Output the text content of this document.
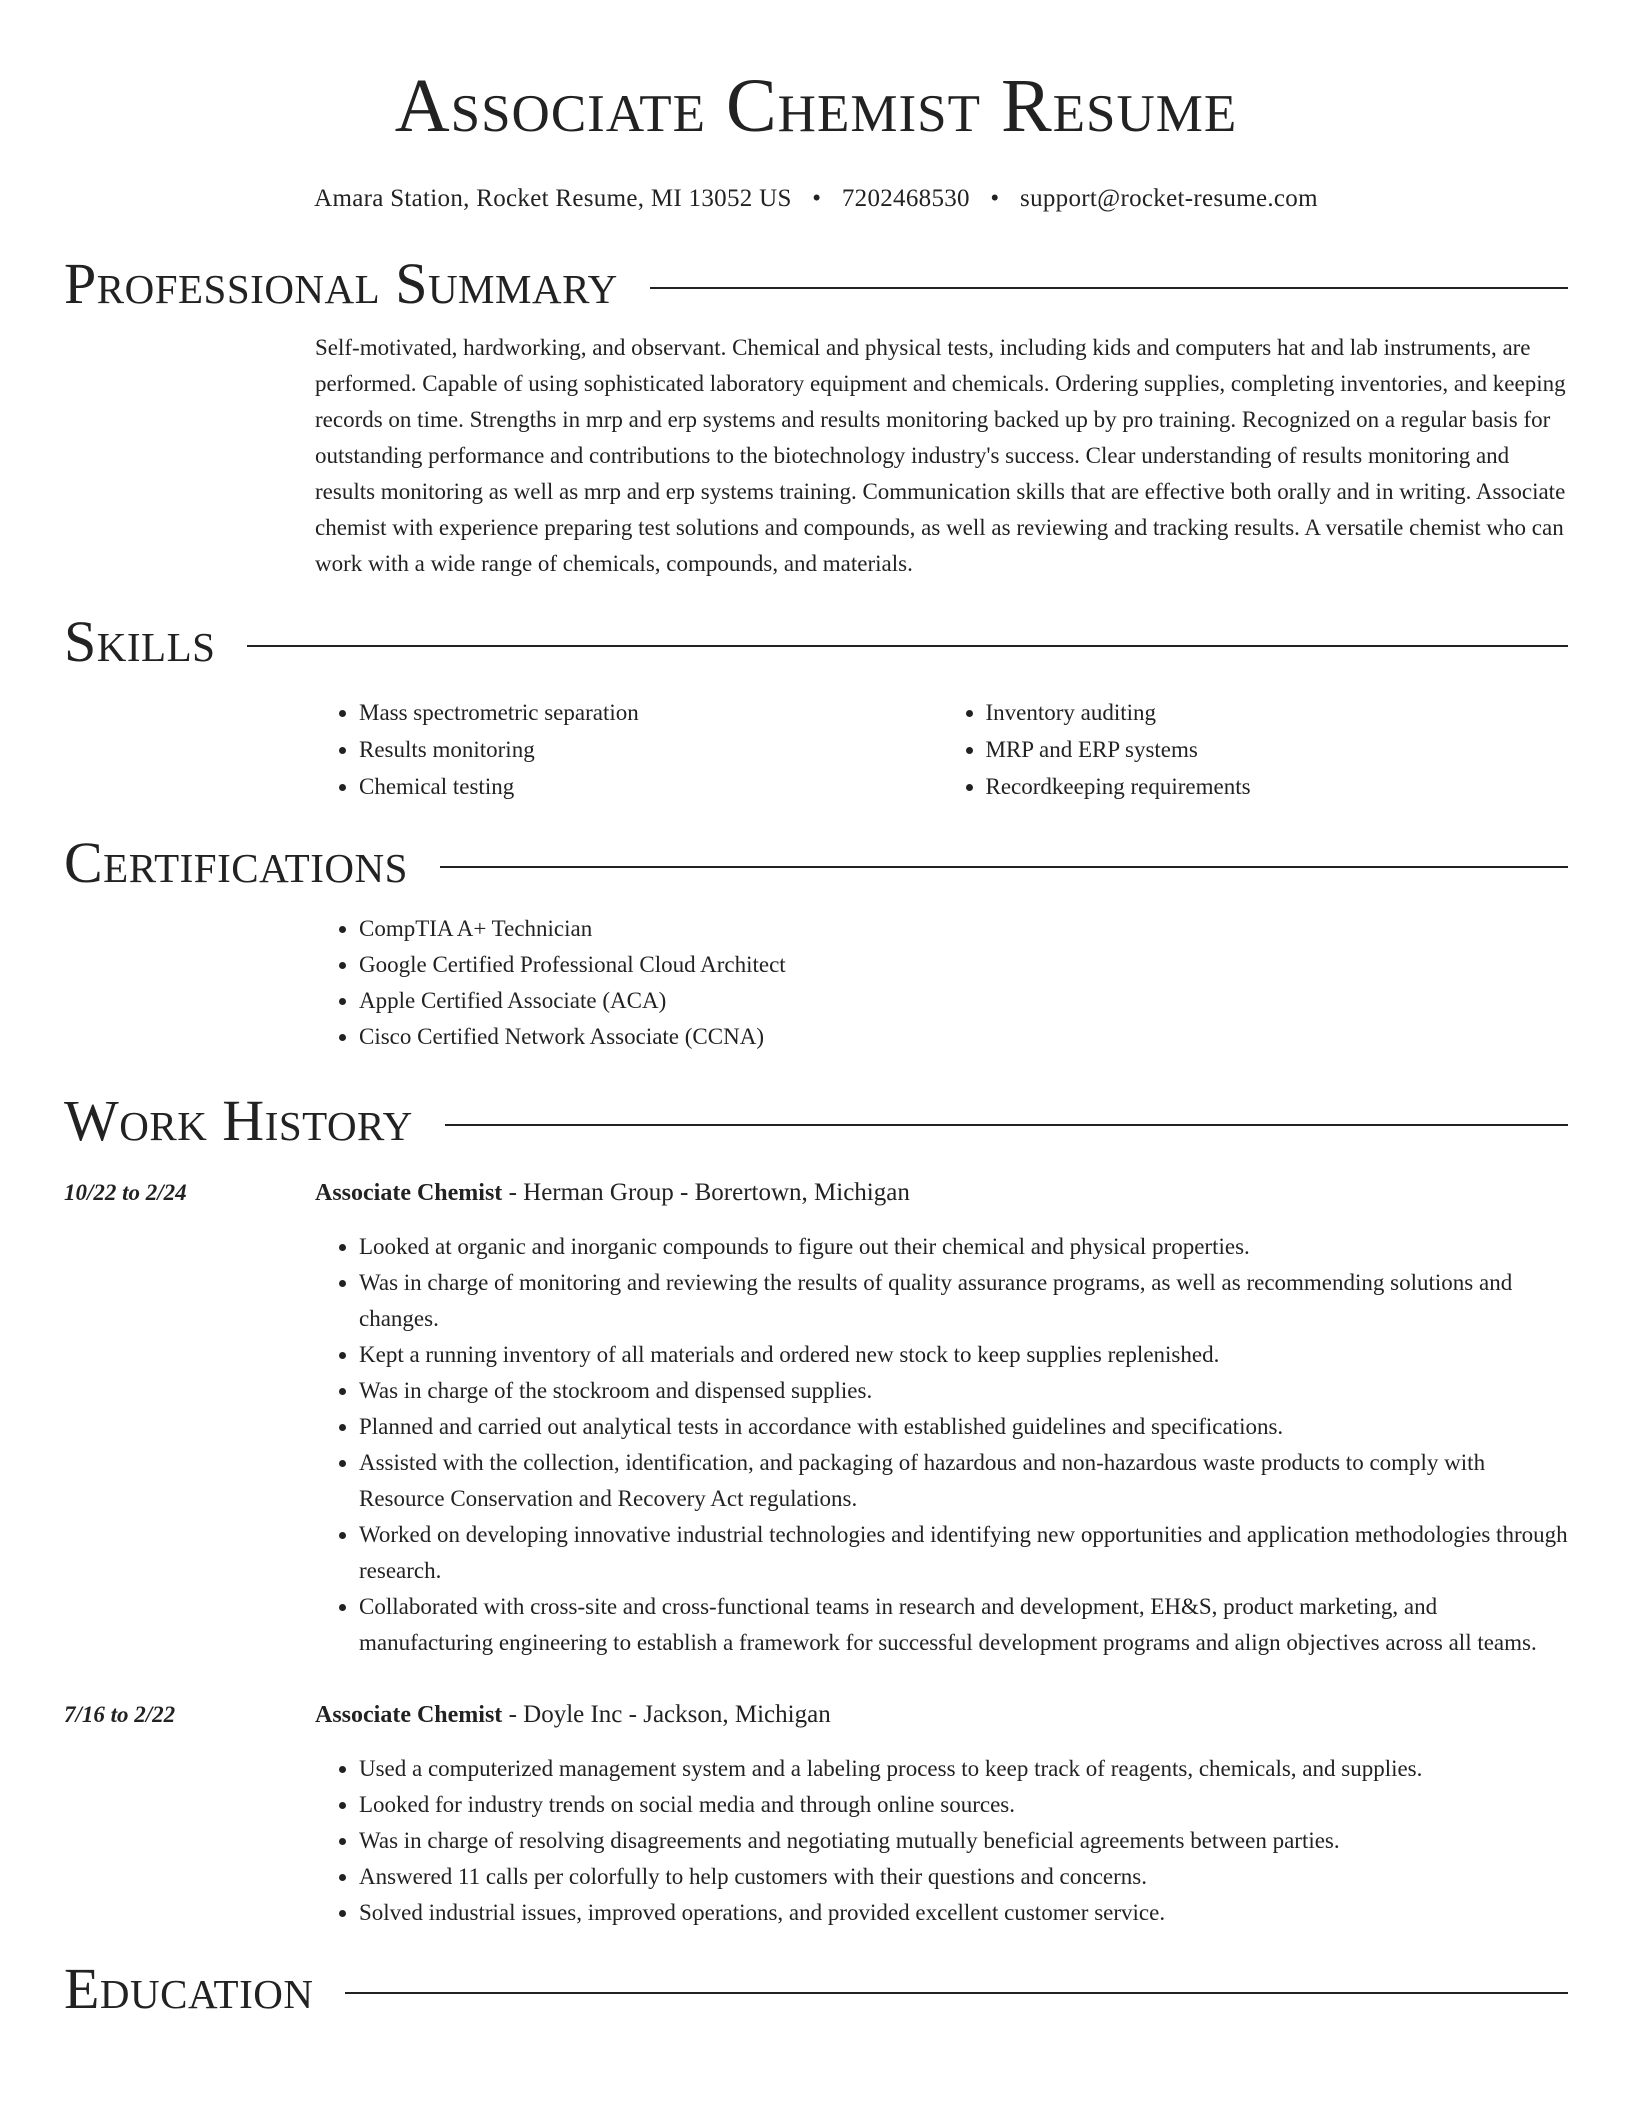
Associate Chemist Resume
Amara Station, Rocket Resume, MI 13052 US • 7202468530 • support@rocket-resume.com
Professional Summary
Self-motivated, hardworking, and observant. Chemical and physical tests, including kids and computers hat and lab instruments, are performed. Capable of using sophisticated laboratory equipment and chemicals. Ordering supplies, completing inventories, and keeping records on time. Strengths in mrp and erp systems and results monitoring backed up by pro training. Recognized on a regular basis for outstanding performance and contributions to the biotechnology industry's success. Clear understanding of results monitoring and results monitoring as well as mrp and erp systems training. Communication skills that are effective both orally and in writing. Associate chemist with experience preparing test solutions and compounds, as well as reviewing and tracking results. A versatile chemist who can work with a wide range of chemicals, compounds, and materials.
Skills
• Mass spectrometric separation
• Results monitoring
• Chemical testing
• Inventory auditing
• MRP and ERP systems
• Recordkeeping requirements
Certifications
• CompTIA A+ Technician
• Google Certified Professional Cloud Architect
• Apple Certified Associate (ACA)
• Cisco Certified Network Associate (CCNA)
Work History
10/22 to 2/24	Associate Chemist - Herman Group - Borertown, Michigan
• Looked at organic and inorganic compounds to figure out their chemical and physical properties.
• Was in charge of monitoring and reviewing the results of quality assurance programs, as well as recommending solutions and changes.
• Kept a running inventory of all materials and ordered new stock to keep supplies replenished.
• Was in charge of the stockroom and dispensed supplies.
• Planned and carried out analytical tests in accordance with established guidelines and specifications.
• Assisted with the collection, identification, and packaging of hazardous and non-hazardous waste products to comply with Resource Conservation and Recovery Act regulations.
• Worked on developing innovative industrial technologies and identifying new opportunities and application methodologies through research.
• Collaborated with cross-site and cross-functional teams in research and development, EH&S, product marketing, and manufacturing engineering to establish a framework for successful development programs and align objectives across all teams.
7/16 to 2/22	Associate Chemist - Doyle Inc - Jackson, Michigan
• Used a computerized management system and a labeling process to keep track of reagents, chemicals, and supplies.
• Looked for industry trends on social media and through online sources.
• Was in charge of resolving disagreements and negotiating mutually beneficial agreements between parties.
• Answered 11 calls per colorfully to help customers with their questions and concerns.
• Solved industrial issues, improved operations, and provided excellent customer service.
Education
